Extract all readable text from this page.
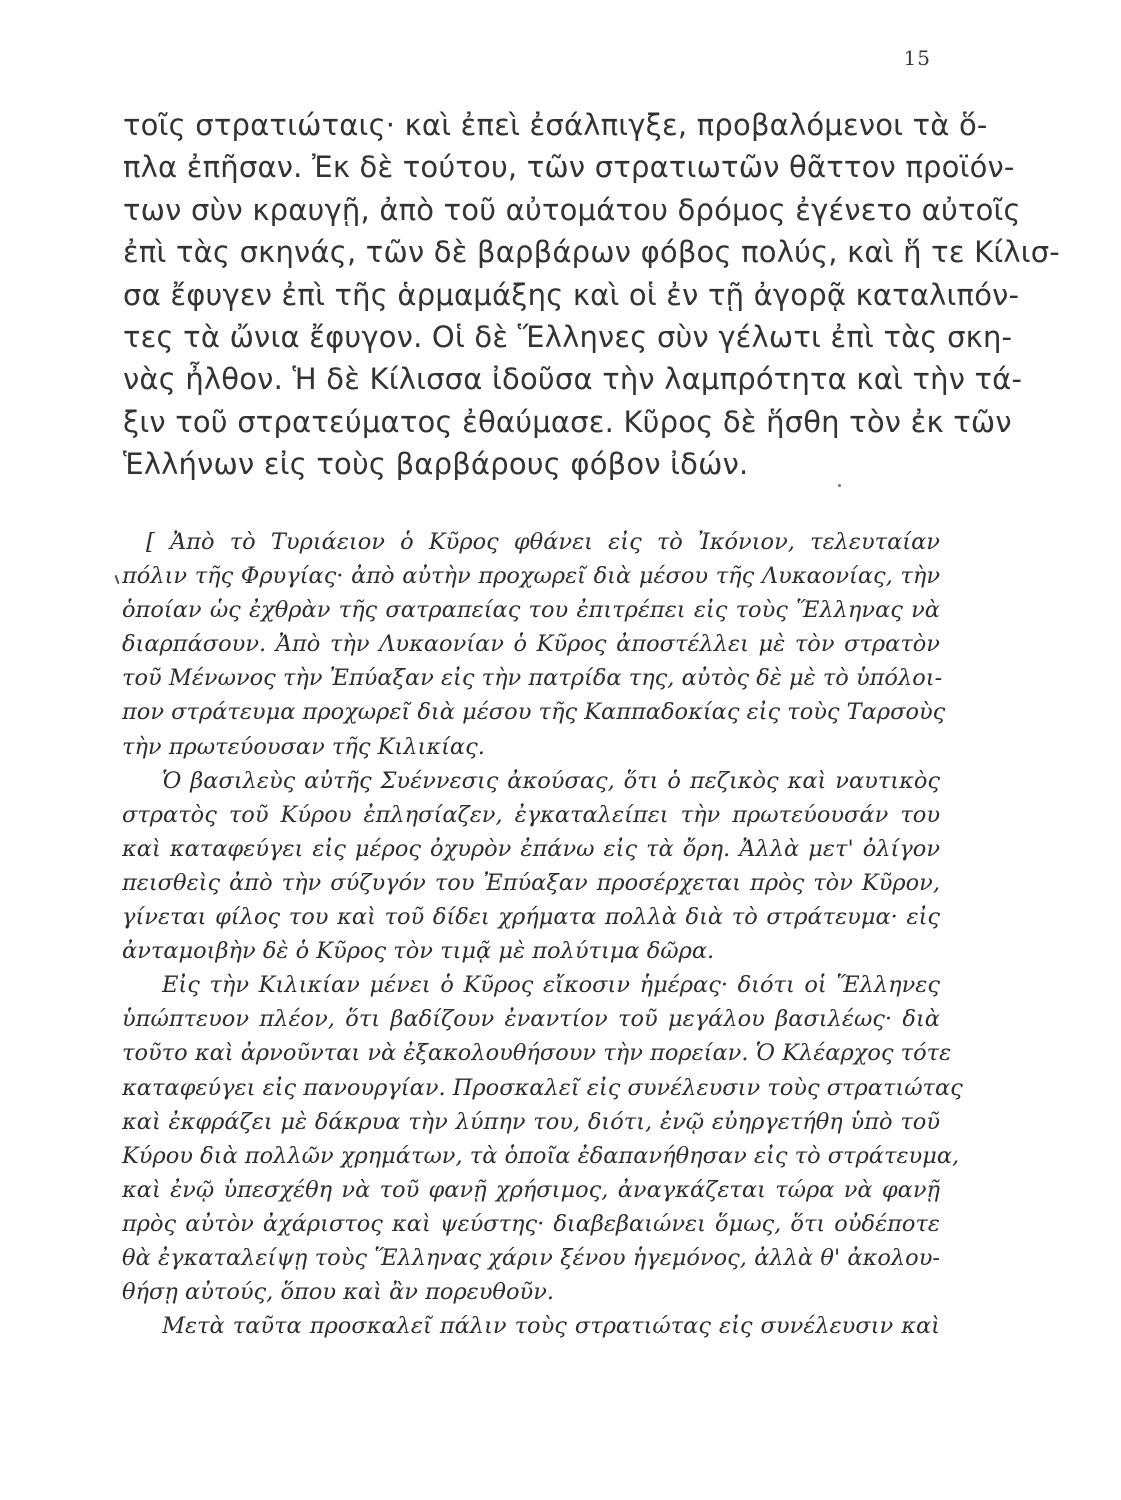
15
τοῖς στρατιώταις· καὶ ἐπεὶ ἐσάλπιγξε, προβαλόμενοι τὰ ὅ-
πλα ἐπῆσαν. Ἐκ δὲ τούτου, τῶν στρατιωτῶν θᾶττον προϊόν-
των σὺν κραυγῇ, ἀπὸ τοῦ αὐτομάτου δρόμος ἐγένετο αὐτοῖς
ἐπὶ τὰς σκηνάς, τῶν δὲ βαρβάρων φόβος πολύς, καὶ ἥ τε Κίλισ-
σα ἔφυγεν ἐπὶ τῆς ἁρμαμάξης καὶ οἱ ἐν τῇ ἀγορᾷ καταλιπόν-
τες τὰ ὤνια ἔφυγον. Οἱ δὲ Ἕλληνες σὺν γέλωτι ἐπὶ τὰς σκη-
νὰς ἦλθον. Ἡ δὲ Κίλισσα ἰδοῦσα τὴν λαμπρότητα καὶ τὴν τά-
ξιν τοῦ στρατεύματος ἐθαύμασε. Κῦρος δὲ ἥσθη τὸν ἐκ τῶν
Ἑλλήνων εἰς τοὺς βαρβάρους φόβον ἰδών.
[ Ἀπὸ τὸ Τυριάειον ὁ Κῦρος φθάνει εἰς τὸ Ἰκόνιον, τελευταίαν
πόλιν τῆς Φρυγίας· ἀπὸ αὐτὴν προχωρεῖ διὰ μέσου τῆς Λυκαονίας, τὴν
ὁποίαν ὡς ἐχθρὰν τῆς σατραπείας του ἐπιτρέπει εἰς τοὺς Ἕλληνας νὰ
διαρπάσουν. Ἀπὸ τὴν Λυκαονίαν ὁ Κῦρος ἀποστέλλει μὲ τὸν στρατὸν
τοῦ Μένωνος τὴν Ἐπύαξαν εἰς τὴν πατρίδα της, αὐτὸς δὲ μὲ τὸ ὑπόλοι-
πον στράτευμα προχωρεῖ διὰ μέσου τῆς Καππαδοκίας εἰς τοὺς Ταρσοὺς
τὴν πρωτεύουσαν τῆς Κιλικίας.
Ὁ βασιλεὺς αὐτῆς Συέννεσις ἀκούσας, ὅτι ὁ πεζικὸς καὶ ναυτικὸς
στρατὸς τοῦ Κύρου ἐπλησίαζεν, ἐγκαταλείπει τὴν πρωτεύουσάν του
καὶ καταφεύγει εἰς μέρος ὀχυρὸν ἐπάνω εἰς τὰ ὄρη. Ἀλλὰ μετ' ὀλίγον
πεισθεὶς ἀπὸ τὴν σύζυγόν του Ἐπύαξαν προσέρχεται πρὸς τὸν Κῦρον,
γίνεται φίλος του καὶ τοῦ δίδει χρήματα πολλὰ διὰ τὸ στράτευμα· εἰς
ἀνταμοιβὴν δὲ ὁ Κῦρος τὸν τιμᾷ μὲ πολύτιμα δῶρα.
Εἰς τὴν Κιλικίαν μένει ὁ Κῦρος εἴκοσιν ἡμέρας· διότι οἱ Ἕλληνες
ὑπώπτευον πλέον, ὅτι βαδίζουν ἐναντίον τοῦ μεγάλου βασιλέως· διὰ
τοῦτο καὶ ἀρνοῦνται νὰ ἐξακολουθήσουν τὴν πορείαν. Ὁ Κλέαρχος τότε
καταφεύγει εἰς πανουργίαν. Προσκαλεῖ εἰς συνέλευσιν τοὺς στρατιώτας
καὶ ἐκφράζει μὲ δάκρυα τὴν λύπην του, διότι, ἐνῷ εὐηργετήθη ὑπὸ τοῦ
Κύρου διὰ πολλῶν χρημάτων, τὰ ὁποῖα ἐδαπανήθησαν εἰς τὸ στράτευμα,
καὶ ἐνῷ ὑπεσχέθη νὰ τοῦ φανῇ χρήσιμος, ἀναγκάζεται τώρα νὰ φανῇ
πρὸς αὐτὸν ἀχάριστος καὶ ψεύστης· διαβεβαιώνει ὅμως, ὅτι οὐδέποτε
θὰ ἐγκαταλείψῃ τοὺς Ἕλληνας χάριν ξένου ἡγεμόνος, ἀλλὰ θ' ἀκολου-
θήσῃ αὐτούς, ὅπου καὶ ἂν πορευθοῦν.
Μετὰ ταῦτα προσκαλεῖ πάλιν τοὺς στρατιώτας εἰς συνέλευσιν καὶ
